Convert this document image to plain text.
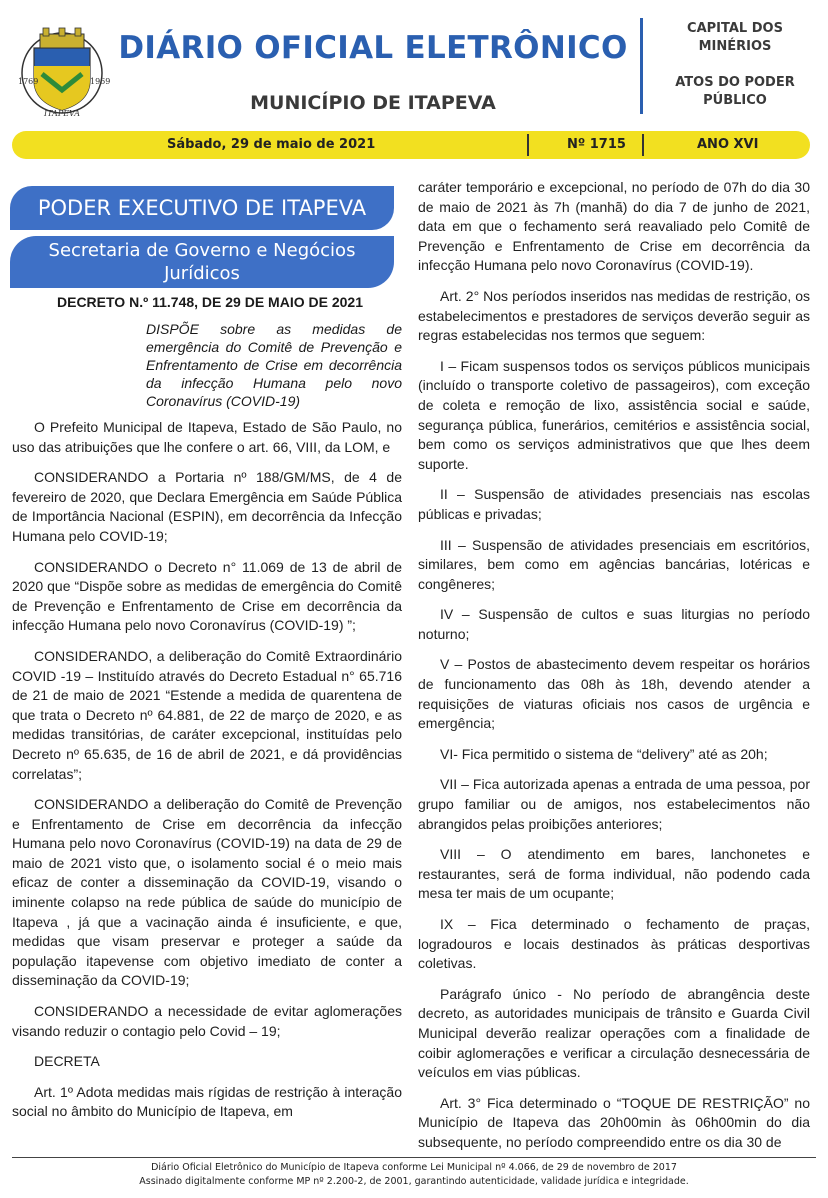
1769	1969
ITAPEVA
DIÁRIO OFICIAL ELETRÔNICO
MUNICÍPIO DE ITAPEVA
CAPITAL DOS MINÉRIOS
ATOS DO PODER PÚBLICO
Sábado, 29 de maio de 2021	Nº 1715	ANO XVI
PODER EXECUTIVO DE ITAPEVA
Secretaria de Governo e Negócios Jurídicos
DECRETO N.º 11.748, DE 29 DE MAIO DE 2021
DISPÕE sobre as medidas de emergência do Comitê de Prevenção e Enfrentamento de Crise em decorrência da infecção Humana pelo novo Coronavírus (COVID-19)

O Prefeito Municipal de Itapeva, Estado de São Paulo, no uso das atribuições que lhe confere o art. 66, VIII, da LOM, e

CONSIDERANDO a Portaria nº 188/GM/MS, de 4 de fevereiro de 2020, que Declara Emergência em Saúde Pública de Importância Nacional (ESPIN), em decorrência da Infecção Humana pelo COVID-19;

CONSIDERANDO o Decreto n° 11.069 de 13 de abril de 2020 que “Dispõe sobre as medidas de emergência do Comitê de Prevenção e Enfrentamento de Crise em decorrência da infecção Humana pelo novo Coronavírus (COVID-19) ”;

CONSIDERANDO, a deliberação do Comitê Extraordinário COVID -19 – Instituído através do Decreto Estadual n° 65.716 de 21 de maio de 2021 “Estende a medida de quarentena de que trata o Decreto nº 64.881, de 22 de março de 2020, e as medidas transitórias, de caráter excepcional, instituídas pelo Decreto nº 65.635, de 16 de abril de 2021, e dá providências correlatas”;

CONSIDERANDO a deliberação do Comitê de Prevenção e Enfrentamento de Crise em decorrência da infecção Humana pelo novo Coronavírus (COVID-19) na data de 29 de maio de 2021 visto que, o isolamento social é o meio mais eficaz de conter a disseminação da COVID-19, visando o iminente colapso na rede pública de saúde do município de Itapeva , já que a vacinação ainda é insuficiente, e que, medidas que visam preservar e proteger a saúde da população itapevense com objetivo imediato de conter a disseminação da COVID-19;

CONSIDERANDO a necessidade de evitar aglomerações visando reduzir o contagio pelo Covid – 19;

DECRETA

Art. 1º Adota medidas mais rígidas de restrição à interação social no âmbito do Município de Itapeva, em

caráter temporário e excepcional, no período de 07h do dia 30 de maio de 2021 às 7h (manhã) do dia 7 de junho de 2021, data em que o fechamento será reavaliado pelo Comitê de Prevenção e Enfrentamento de Crise em decorrência da infecção Humana pelo novo Coronavírus (COVID-19).

Art. 2° Nos períodos inseridos nas medidas de restrição, os estabelecimentos e prestadores de serviços deverão seguir as regras estabelecidas nos termos que seguem:

I – Ficam suspensos todos os serviços públicos municipais (incluído o transporte coletivo de passageiros), com exceção de coleta e remoção de lixo, assistência social e saúde, segurança pública, funerários, cemitérios e assistência social, bem como os serviços administrativos que que lhes deem suporte.

II – Suspensão de atividades presenciais nas escolas públicas e privadas;

III – Suspensão de atividades presenciais em escritórios, similares, bem como em agências bancárias, lotéricas e congêneres;

IV – Suspensão de cultos e suas liturgias no período noturno;

V – Postos de abastecimento devem respeitar os horários de funcionamento das 08h às 18h, devendo atender a requisições de viaturas oficiais nos casos de urgência e emergência;

VI- Fica permitido o sistema de “delivery” até as 20h;

VII – Fica autorizada apenas a entrada de uma pessoa, por grupo familiar ou de amigos, nos estabelecimentos não abrangidos pelas proibições anteriores;

VIII – O atendimento em bares, lanchonetes e restaurantes, será de forma individual, não podendo cada mesa ter mais de um ocupante;

IX – Fica determinado o fechamento de praças, logradouros e locais destinados às práticas desportivas coletivas.

Parágrafo único - No período de abrangência deste decreto, as autoridades municipais de trânsito e Guarda Civil Municipal deverão realizar operações com a finalidade de coibir aglomerações e verificar a circulação desnecessária de veículos em vias públicas.

Art. 3° Fica determinado o “TOQUE DE RESTRIÇÃO” no Município de Itapeva das 20h00min às 06h00min do dia subsequente, no período compreendido entre os dia 30 de

Diário Oficial Eletrônico do Município de Itapeva conforme Lei Municipal nº 4.066, de 29 de novembro de 2017
Assinado digitalmente conforme MP nº 2.200-2, de 2001, garantindo autenticidade, validade jurídica e integridade.
